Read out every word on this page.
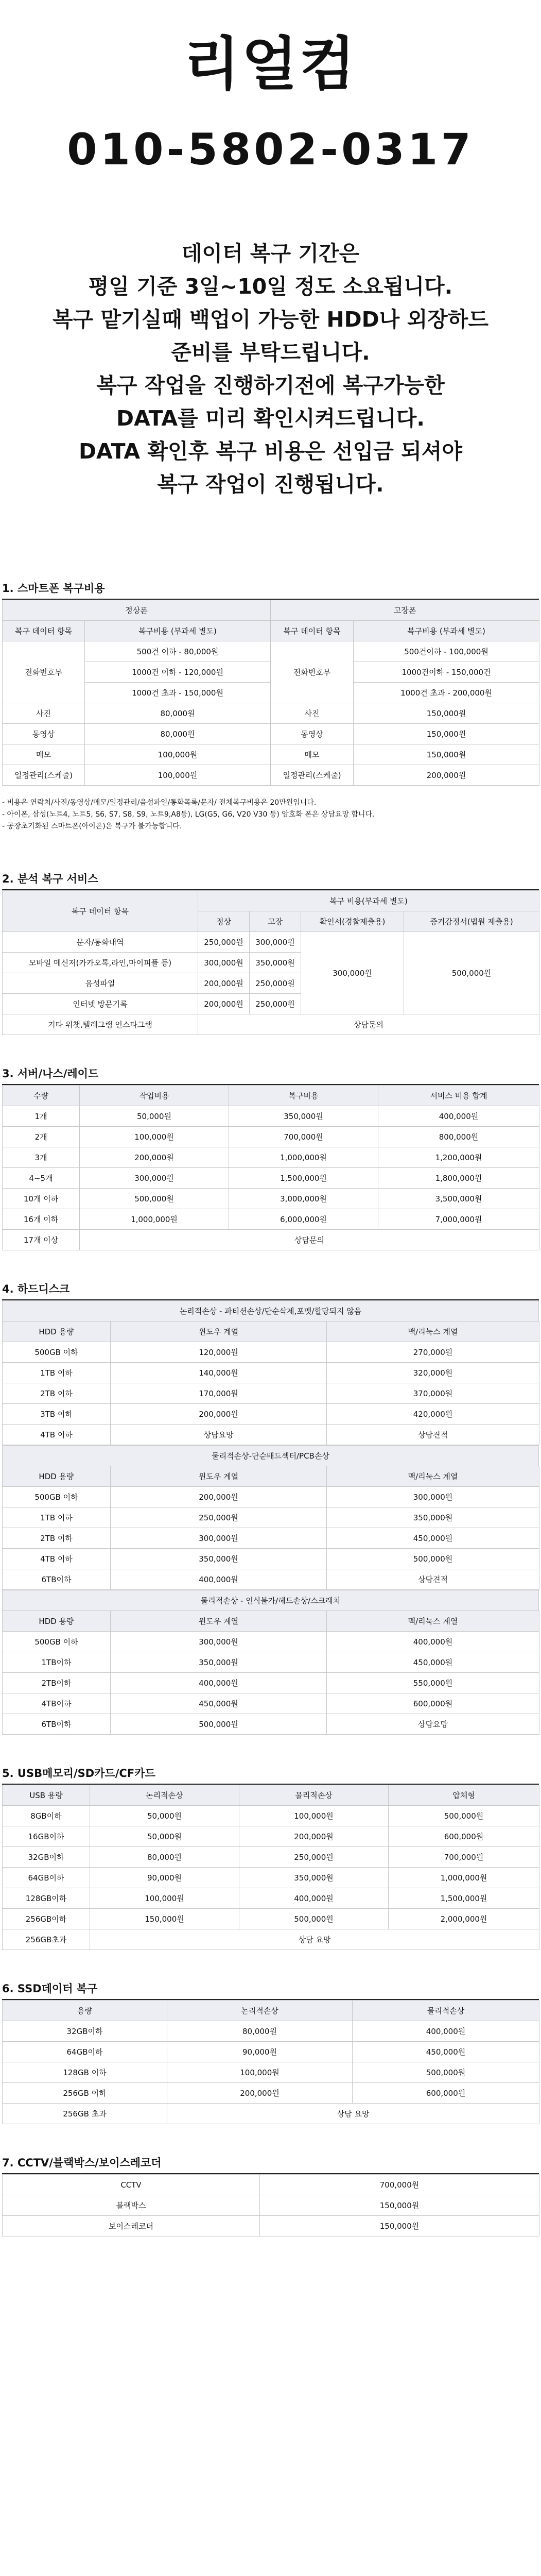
리얼컴
010-5802-0317
데이터 복구 기간은
평일 기준 3일~10일 정도 소요됩니다.
복구 맡기실때 백업이 가능한 HDD나 외장하드
준비를 부탁드립니다.
복구 작업을 진행하기전에 복구가능한
DATA를 미리 확인시켜드립니다.
DATA 확인후 복구 비용은 선입금 되셔야
복구 작업이 진행됩니다.
1. 스마트폰 복구비용
정상폰		고장폰	
복구 데이터 항목	복구비용 (부과세 별도)	복구 데이터 항목	복구비용 (부과세 별도)
전화번호부	500건 이하 - 80,000원	전화번호부	500건이하 - 100,000원
	1000건 이하 - 120,000원		1000건이하 - 150,000건
	1000건 초과 - 150,000원		1000건 초과 - 200,000원
사진	80,000원	사진	150,000원
동영상	80,000원	동영상	150,000원
메모	100,000원	메모	150,000원
일정관리(스케줄)	100,000원	일정관리(스케줄)	200,000원
- 비용은 연락처/사진/동영상/메모/일정관리/음성파일/통화목록/문자/ 전체복구비용은 20만원입니다.
- 아이폰, 삼성(노트4, 노트5, S6, S7, S8, S9, 노트9,A8등), LG(G5, G6, V20 V30 등) 암호화 폰은 상담요망 합니다.
- 공장초기화된 스마트폰(아이폰)은 복구가 불가능합니다.
2. 분석 복구 서비스
복구 데이터 항목	복구 비용(부과세 별도)			
	정상	고장	확인서(경찰제출용)	증거감정서(법원 제출용)
문자/통화내역	250,000원	300,000원	300,000원	500,000원
모바일 메신저(카카오톡,라인,마이피플 등)	300,000원	350,000원		
음성파일	200,000원	250,000원		
인터넷 방문기록	200,000원	250,000원		
기타 위챗,텔레그램 인스타그램	상담문의			
3. 서버/나스/레이드
수량	작업비용	복구비용	서비스 비용 합계
1개	50,000원	350,000원	400,000원
2개	100,000원	700,000원	800,000원
3개	200,000원	1,000,000원	1,200,000원
4~5개	300,000원	1,500,000원	1,800,000원
10개 이하	500,000원	3,000,000원	3,500,000원
16개 이하	1,000,000원	6,000,000원	7,000,000원
17개 이상	상담문의		
4. 하드디스크
논리적손상 - 파티션손상/단순삭제,포맷/할당되지 않음
HDD 용량	윈도우 계열	맥/리눅스 계열
500GB 이하	120,000원	270,000원
1TB 이하	140,000원	320,000원
2TB 이하	170,000원	370,000원
3TB 이하	200,000원	420,000원
4TB 이하	상담요망	상담견적
물리적손상-단순배드섹터/PCB손상
HDD 용량	윈도우 계열	맥/리눅스 계열
500GB 이하	200,000원	300,000원
1TB 이하	250,000원	350,000원
2TB 이하	300,000원	450,000원
4TB 이하	350,000원	500,000원
6TB이하	400,000원	상담견적
물리적손상 - 인식불가/헤드손상/스크래치
HDD 용량	윈도우 계열	맥/리눅스 계열
500GB 이하	300,000원	400,000원
1TB이하	350,000원	450,000원
2TB이하	400,000원	550,000원
4TB이하	450,000원	600,000원
6TB이하	500,000원	상담요망
5. USB메모리/SD카드/CF카드
USB 용량	논리적손상	물리적손상	압체형
8GB이하	50,000원	100,000원	500,000원
16GB이하	50,000원	200,000원	600,000원
32GB이하	80,000원	250,000원	700,000원
64GB이하	90,000원	350,000원	1,000,000원
128GB이하	100,000원	400,000원	1,500,000원
256GB이하	150,000원	500,000원	2,000,000원
256GB초과	상담 요망		
6. SSD데이터 복구
용량	논리적손상	물리적손상
32GB이하	80,000원	400,000원
64GB이하	90,000원	450,000원
128GB 이하	100,000원	500,000원
256GB 이하	200,000원	600,000원
256GB 초과	상담 요망	
7. CCTV/블랙박스/보이스레코더
CCTV	700,000원
블랙박스	150,000원
보이스레코더	150,000원
